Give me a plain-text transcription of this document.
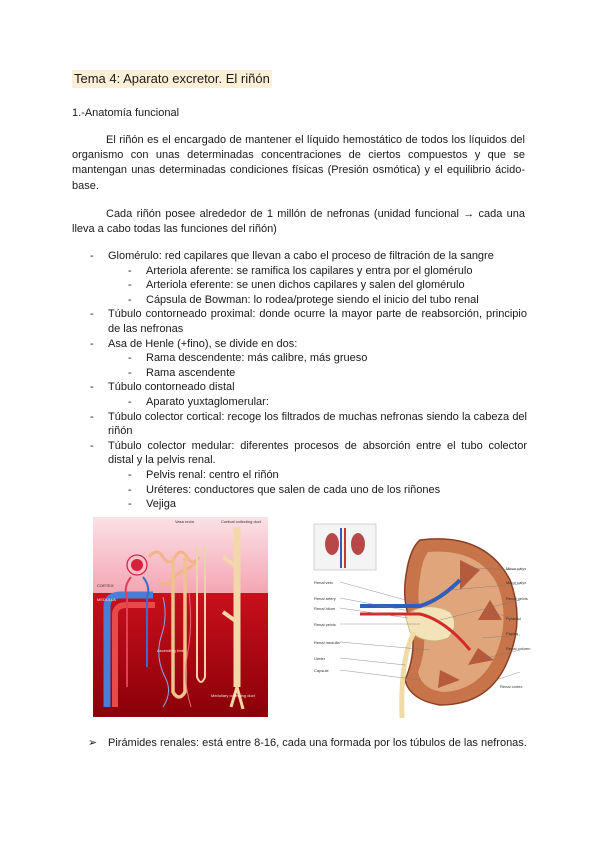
Tema 4: Aparato excretor. El riñón
1.-Anatomía funcional

El riñón es el encargado de mantener el líquido hemostático de todos los líquidos del organismo con unas determinadas concentraciones de ciertos compuestos y que se mantengan unas determinadas condiciones físicas (Presión osmótica) y el equilibrio ácido-base.

Cada riñón posee alrededor de 1 millón de nefronas (unidad funcional → cada una lleva a cabo todas las funciones del riñón)

- Glomérulo: red capilares que llevan a cabo el proceso de filtración de la sangre
- Arteriola aferente: se ramifica los capilares y entra por el glomérulo
- Arteriola eferente: se unen dichos capilares y salen del glomérulo
- Cápsula de Bowman: lo rodea/protege siendo el inicio del tubo renal
- Túbulo contorneado proximal: donde ocurre la mayor parte de reabsorción, principio de las nefronas
- Asa de Henle (+fino), se divide en dos:
- Rama descendente: más calibre, más grueso
- Rama ascendente
- Túbulo contorneado distal
- Aparato yuxtaglomerular:
- Túbulo colector cortical: recoge los filtrados de muchas nefronas siendo la cabeza del riñón
- Túbulo colector medular: diferentes procesos de absorción entre el tubo colector distal y la pelvis renal.
- Pelvis renal: centro el riñón
- Uréteres: conductores que salen de cada uno de los riñones
- Vejiga
Vasa recta	Cortical collecting duct
CORTEX
MEDULLA
Ascending limb
Medullary collecting duct
Renal vein
Renal artery
Renal hilum
Renal pelvis
Renal medulla
Ureter
Capsule
Minor calyx
Major calyx
Renal pelvis
Pyramid
Papilla
Renal column
Renal cortex
➢ Pirámides renales: está entre 8-16, cada una formada por los túbulos de las nefronas.
